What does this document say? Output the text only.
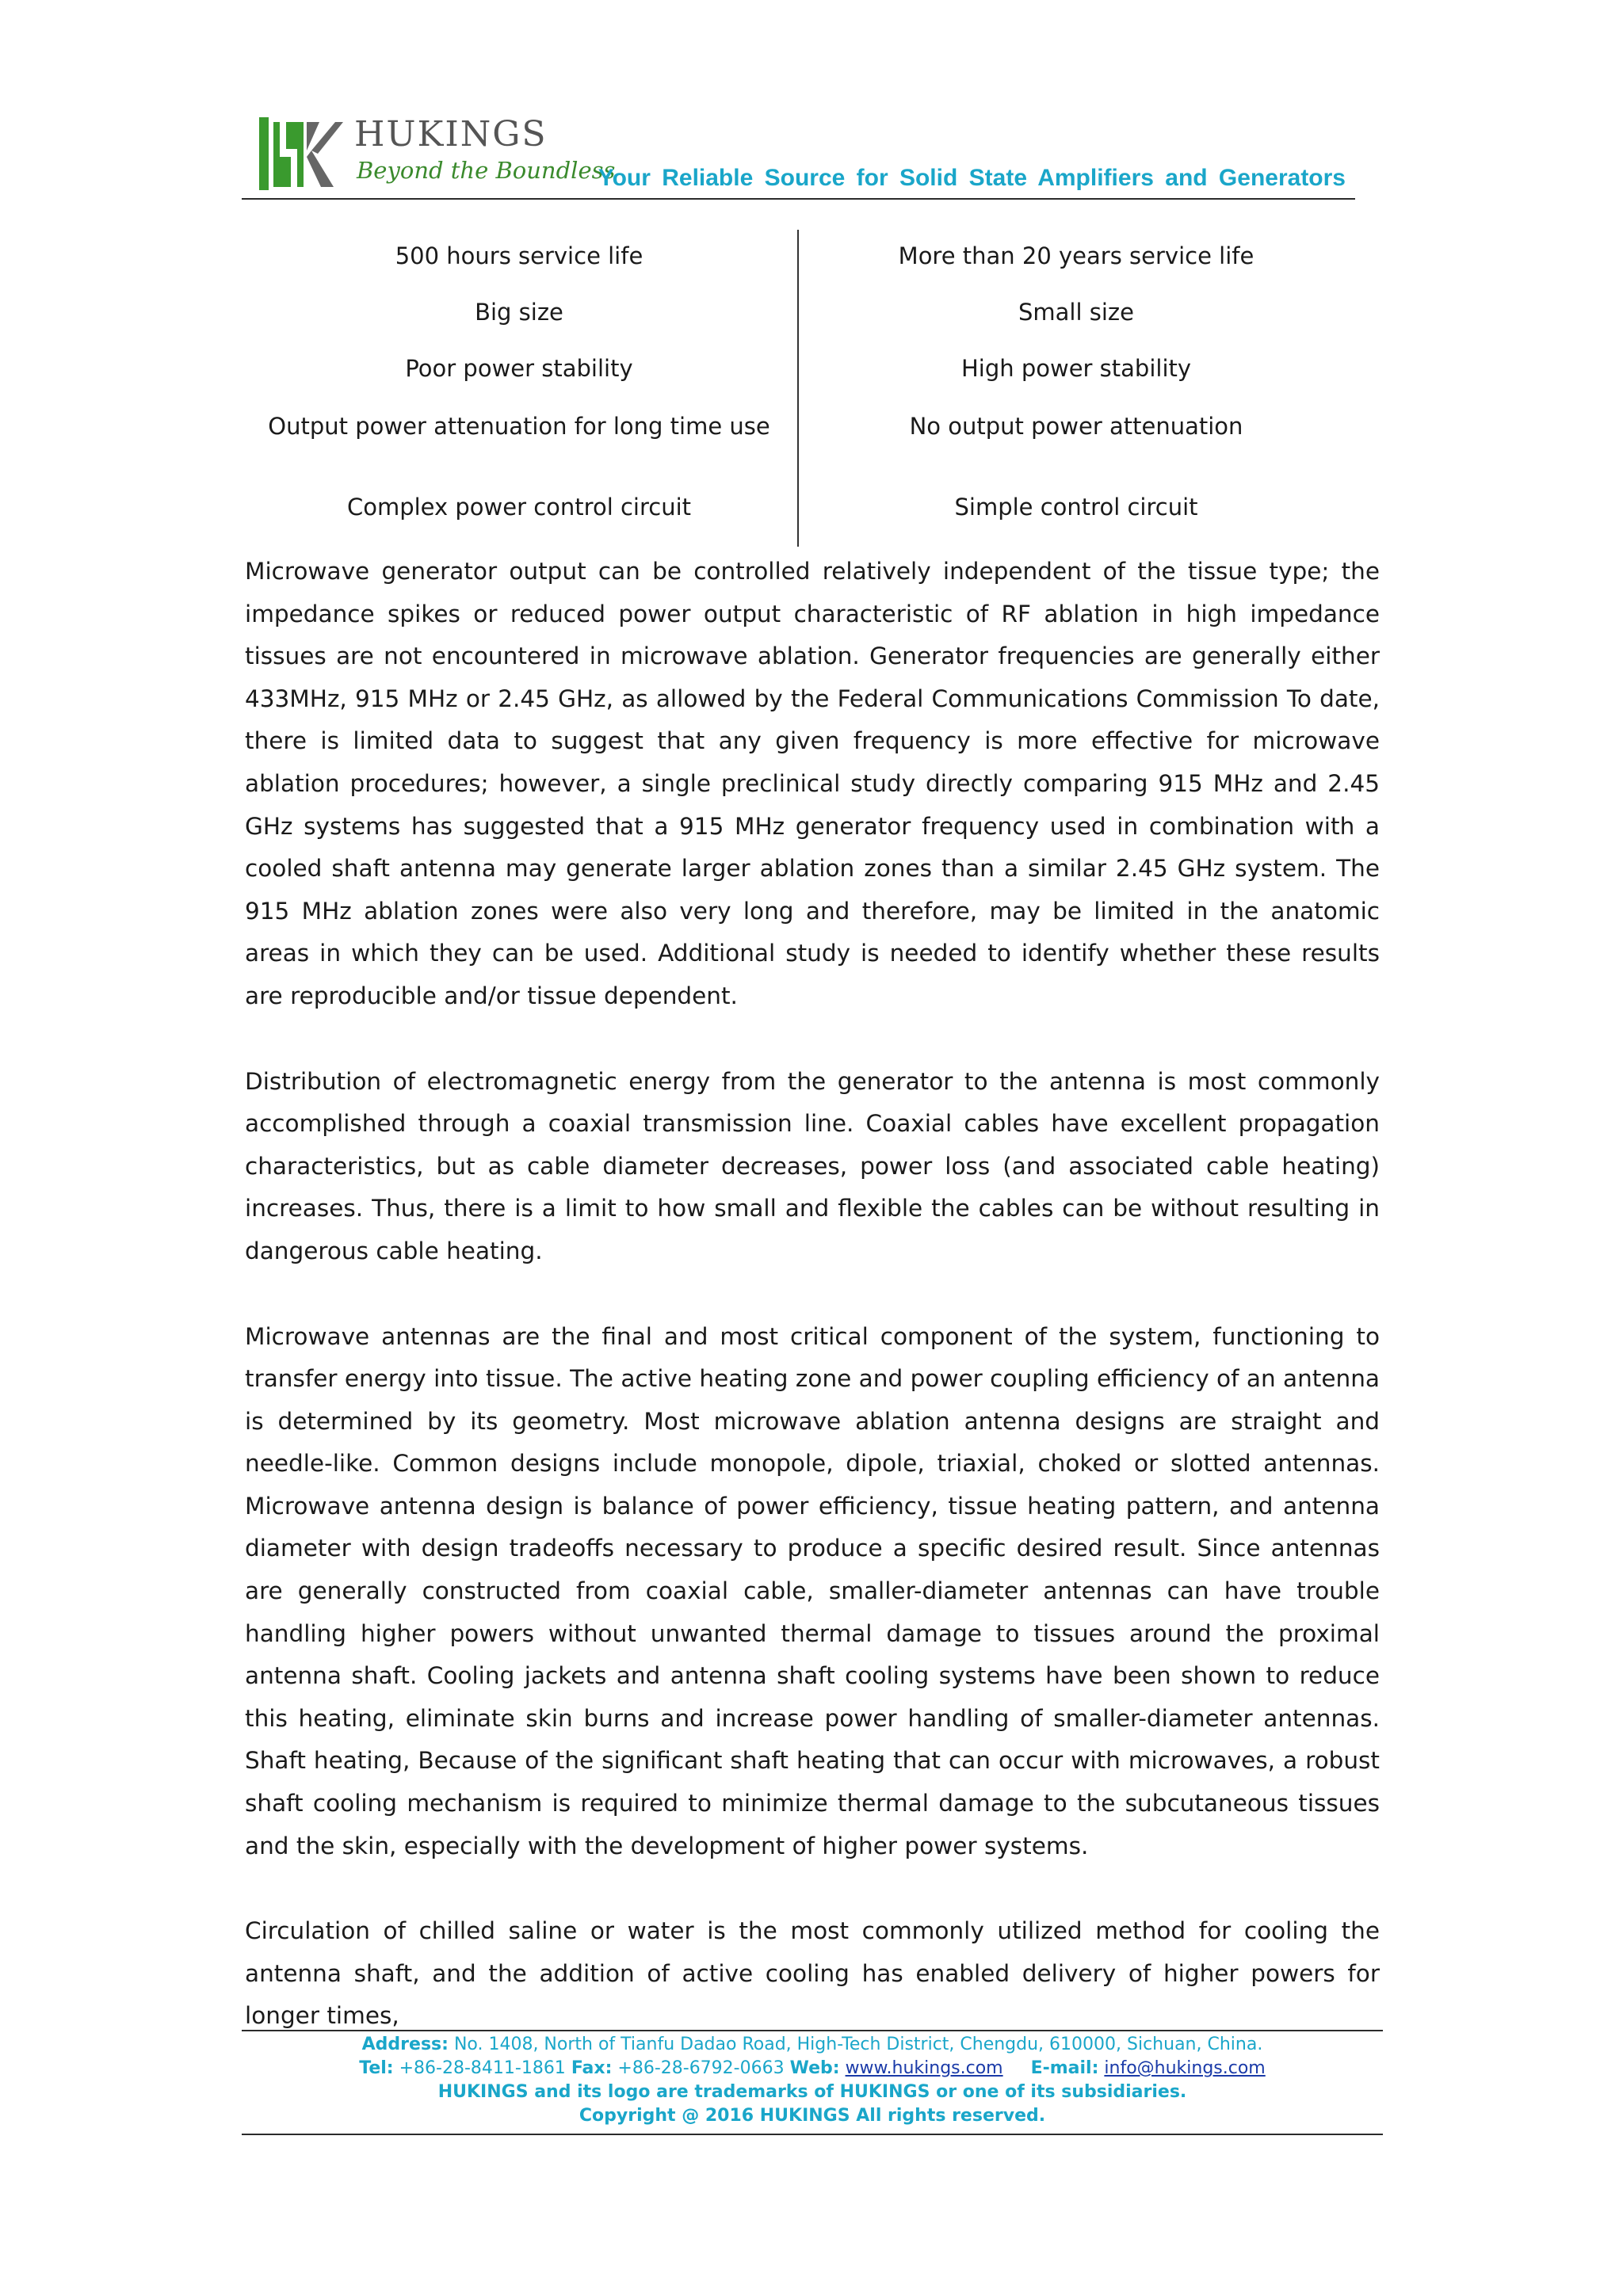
HUKINGS
Beyond the Boundless
Your Reliable Source for Solid State Amplifiers and Generators
500 hours service life	More than 20 years service life
Big size	Small size
Poor power stability	High power stability
Output power attenuation for long time use	No output power attenuation
Complex power control circuit	Simple control circuit

Microwave generator output can be controlled relatively independent of the tissue type; the impedance spikes or reduced power output characteristic of RF ablation in high impedance tissues are not encountered in microwave ablation. Generator frequencies are generally either 433MHz, 915 MHz or 2.45 GHz, as allowed by the Federal Communications Commission To date, there is limited data to suggest that any given frequency is more effective for microwave ablation procedures; however, a single preclinical study directly comparing 915 MHz and 2.45 GHz systems has suggested that a 915 MHz generator frequency used in combination with a cooled shaft antenna may generate larger ablation zones than a similar 2.45 GHz system. The 915 MHz ablation zones were also very long and therefore, may be limited in the anatomic areas in which they can be used. Additional study is needed to identify whether these results are reproducible and/or tissue dependent.

Distribution of electromagnetic energy from the generator to the antenna is most commonly accomplished through a coaxial transmission line. Coaxial cables have excellent propagation characteristics, but as cable diameter decreases, power loss (and associated cable heating) increases. Thus, there is a limit to how small and flexible the cables can be without resulting in dangerous cable heating.

Microwave antennas are the final and most critical component of the system, functioning to transfer energy into tissue. The active heating zone and power coupling efficiency of an antenna is determined by its geometry. Most microwave ablation antenna designs are straight and needle-like. Common designs include monopole, dipole, triaxial, choked or slotted antennas. Microwave antenna design is balance of power efficiency, tissue heating pattern, and antenna diameter with design tradeoffs necessary to produce a specific desired result. Since antennas are generally constructed from coaxial cable, smaller-diameter antennas can have trouble handling higher powers without unwanted thermal damage to tissues around the proximal antenna shaft. Cooling jackets and antenna shaft cooling systems have been shown to reduce this heating, eliminate skin burns and increase power handling of smaller-diameter antennas. Shaft heating, Because of the significant shaft heating that can occur with microwaves, a robust shaft cooling mechanism is required to minimize thermal damage to the subcutaneous tissues and the skin, especially with the development of higher power systems.

Circulation of chilled saline or water is the most commonly utilized method for cooling the antenna shaft, and the addition of active cooling has enabled delivery of higher powers for longer times,

Address: No. 1408, North of Tianfu Dadao Road, High-Tech District, Chengdu, 610000, Sichuan, China.
Tel: +86-28-8411-1861 Fax: +86-28-6792-0663 Web: www.hukings.com E-mail: info@hukings.com
HUKINGS and its logo are trademarks of HUKINGS or one of its subsidiaries.
Copyright @ 2016 HUKINGS All rights reserved.
